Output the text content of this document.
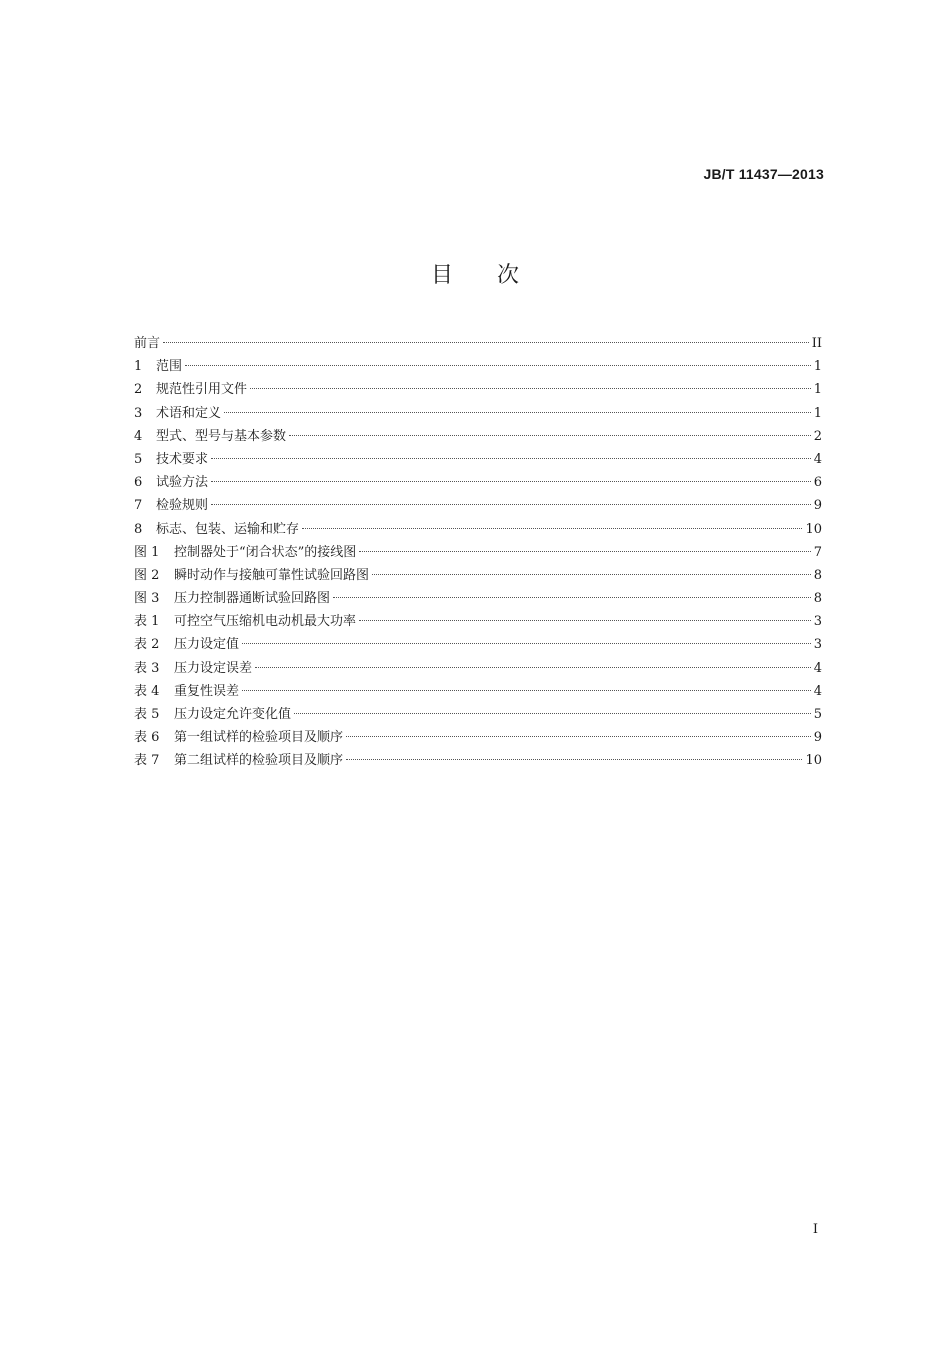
JB/T 11437—2013
目次
前言	II
1 范围	1
2 规范性引用文件	1
3 术语和定义	1
4 型式、型号与基本参数	2
5 技术要求	4
6 试验方法	6
7 检验规则	9
8 标志、包装、运输和贮存	10
图 1 控制器处于“闭合状态”的接线图	7
图 2 瞬时动作与接触可靠性试验回路图	8
图 3 压力控制器通断试验回路图	8
表 1 可控空气压缩机电动机最大功率	3
表 2 压力设定值	3
表 3 压力设定误差	4
表 4 重复性误差	4
表 5 压力设定允许变化值	5
表 6 第一组试样的检验项目及顺序	9
表 7 第二组试样的检验项目及顺序	10
I
